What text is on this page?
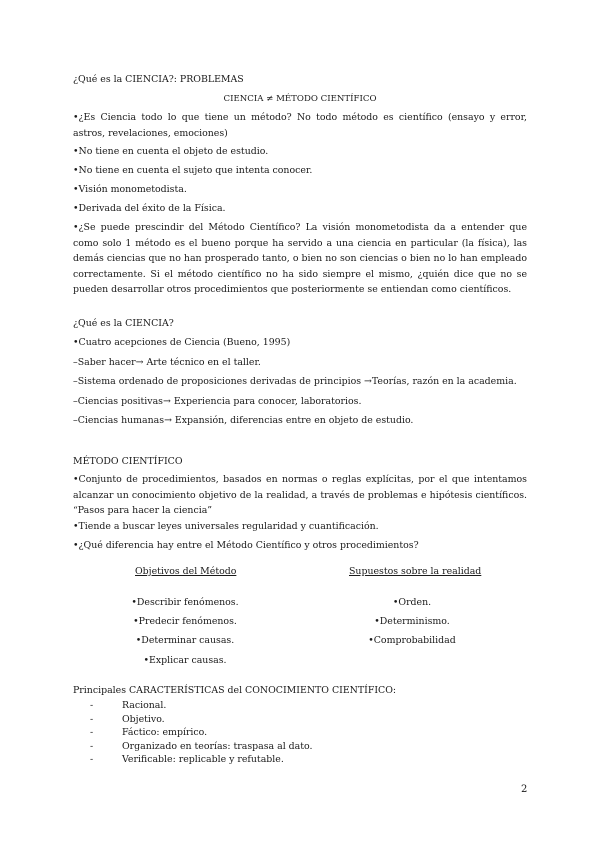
¿Qué es la CIENCIA?: PROBLEMAS
CIENCIA ≠ MÉTODO CIENTÍFICO
•¿Es Ciencia todo lo que tiene un método? No todo método es científico (ensayo y error, astros, revelaciones, emociones)
•No tiene en cuenta el objeto de estudio.
•No tiene en cuenta el sujeto que intenta conocer.
•Visión monometodista.
•Derivada del éxito de la Física.
•¿Se puede prescindir del Método Científico? La visión monometodista da a entender que como solo 1 método es el bueno porque ha servido a una ciencia en particular (la física), las demás ciencias que no han prosperado tanto, o bien no son ciencias o bien no lo han empleado correctamente. Si el método científico no ha sido siempre el mismo, ¿quién dice que no se pueden desarrollar otros procedimientos que posteriormente se entiendan como científicos.
¿Qué es la CIENCIA?
•Cuatro acepciones de Ciencia (Bueno, 1995)
–Saber hacer→ Arte técnico en el taller.
–Sistema ordenado de proposiciones derivadas de principios →Teorías, razón en la academia.
–Ciencias positivas→ Experiencia para conocer, laboratorios.
–Ciencias humanas→ Expansión, diferencias entre en objeto de estudio.
MÉTODO CIENTÍFICO
•Conjunto de procedimientos, basados en normas o reglas explícitas, por el que intentamos alcanzar un conocimiento objetivo de la realidad, a través de problemas e hipótesis científicos. “Pasos para hacer la ciencia”
•Tiende a buscar leyes universales regularidad y cuantificación.
•¿Qué diferencia hay entre el Método Científico y otros procedimientos?
Objetivos del Método	Supuestos sobre la realidad
•Describir fenómenos.
•Predecir fenómenos.
•Determinar causas.
•Explicar causas.
•Orden.
•Determinismo.
•Comprobabilidad
Principales CARACTERÍSTICAS del CONOCIMIENTO CIENTÍFICO:
-	Racional.
-	Objetivo.
-	Fáctico: empírico.
-	Organizado en teorías: traspasa al dato.
-	Verificable: replicable y refutable.
2
